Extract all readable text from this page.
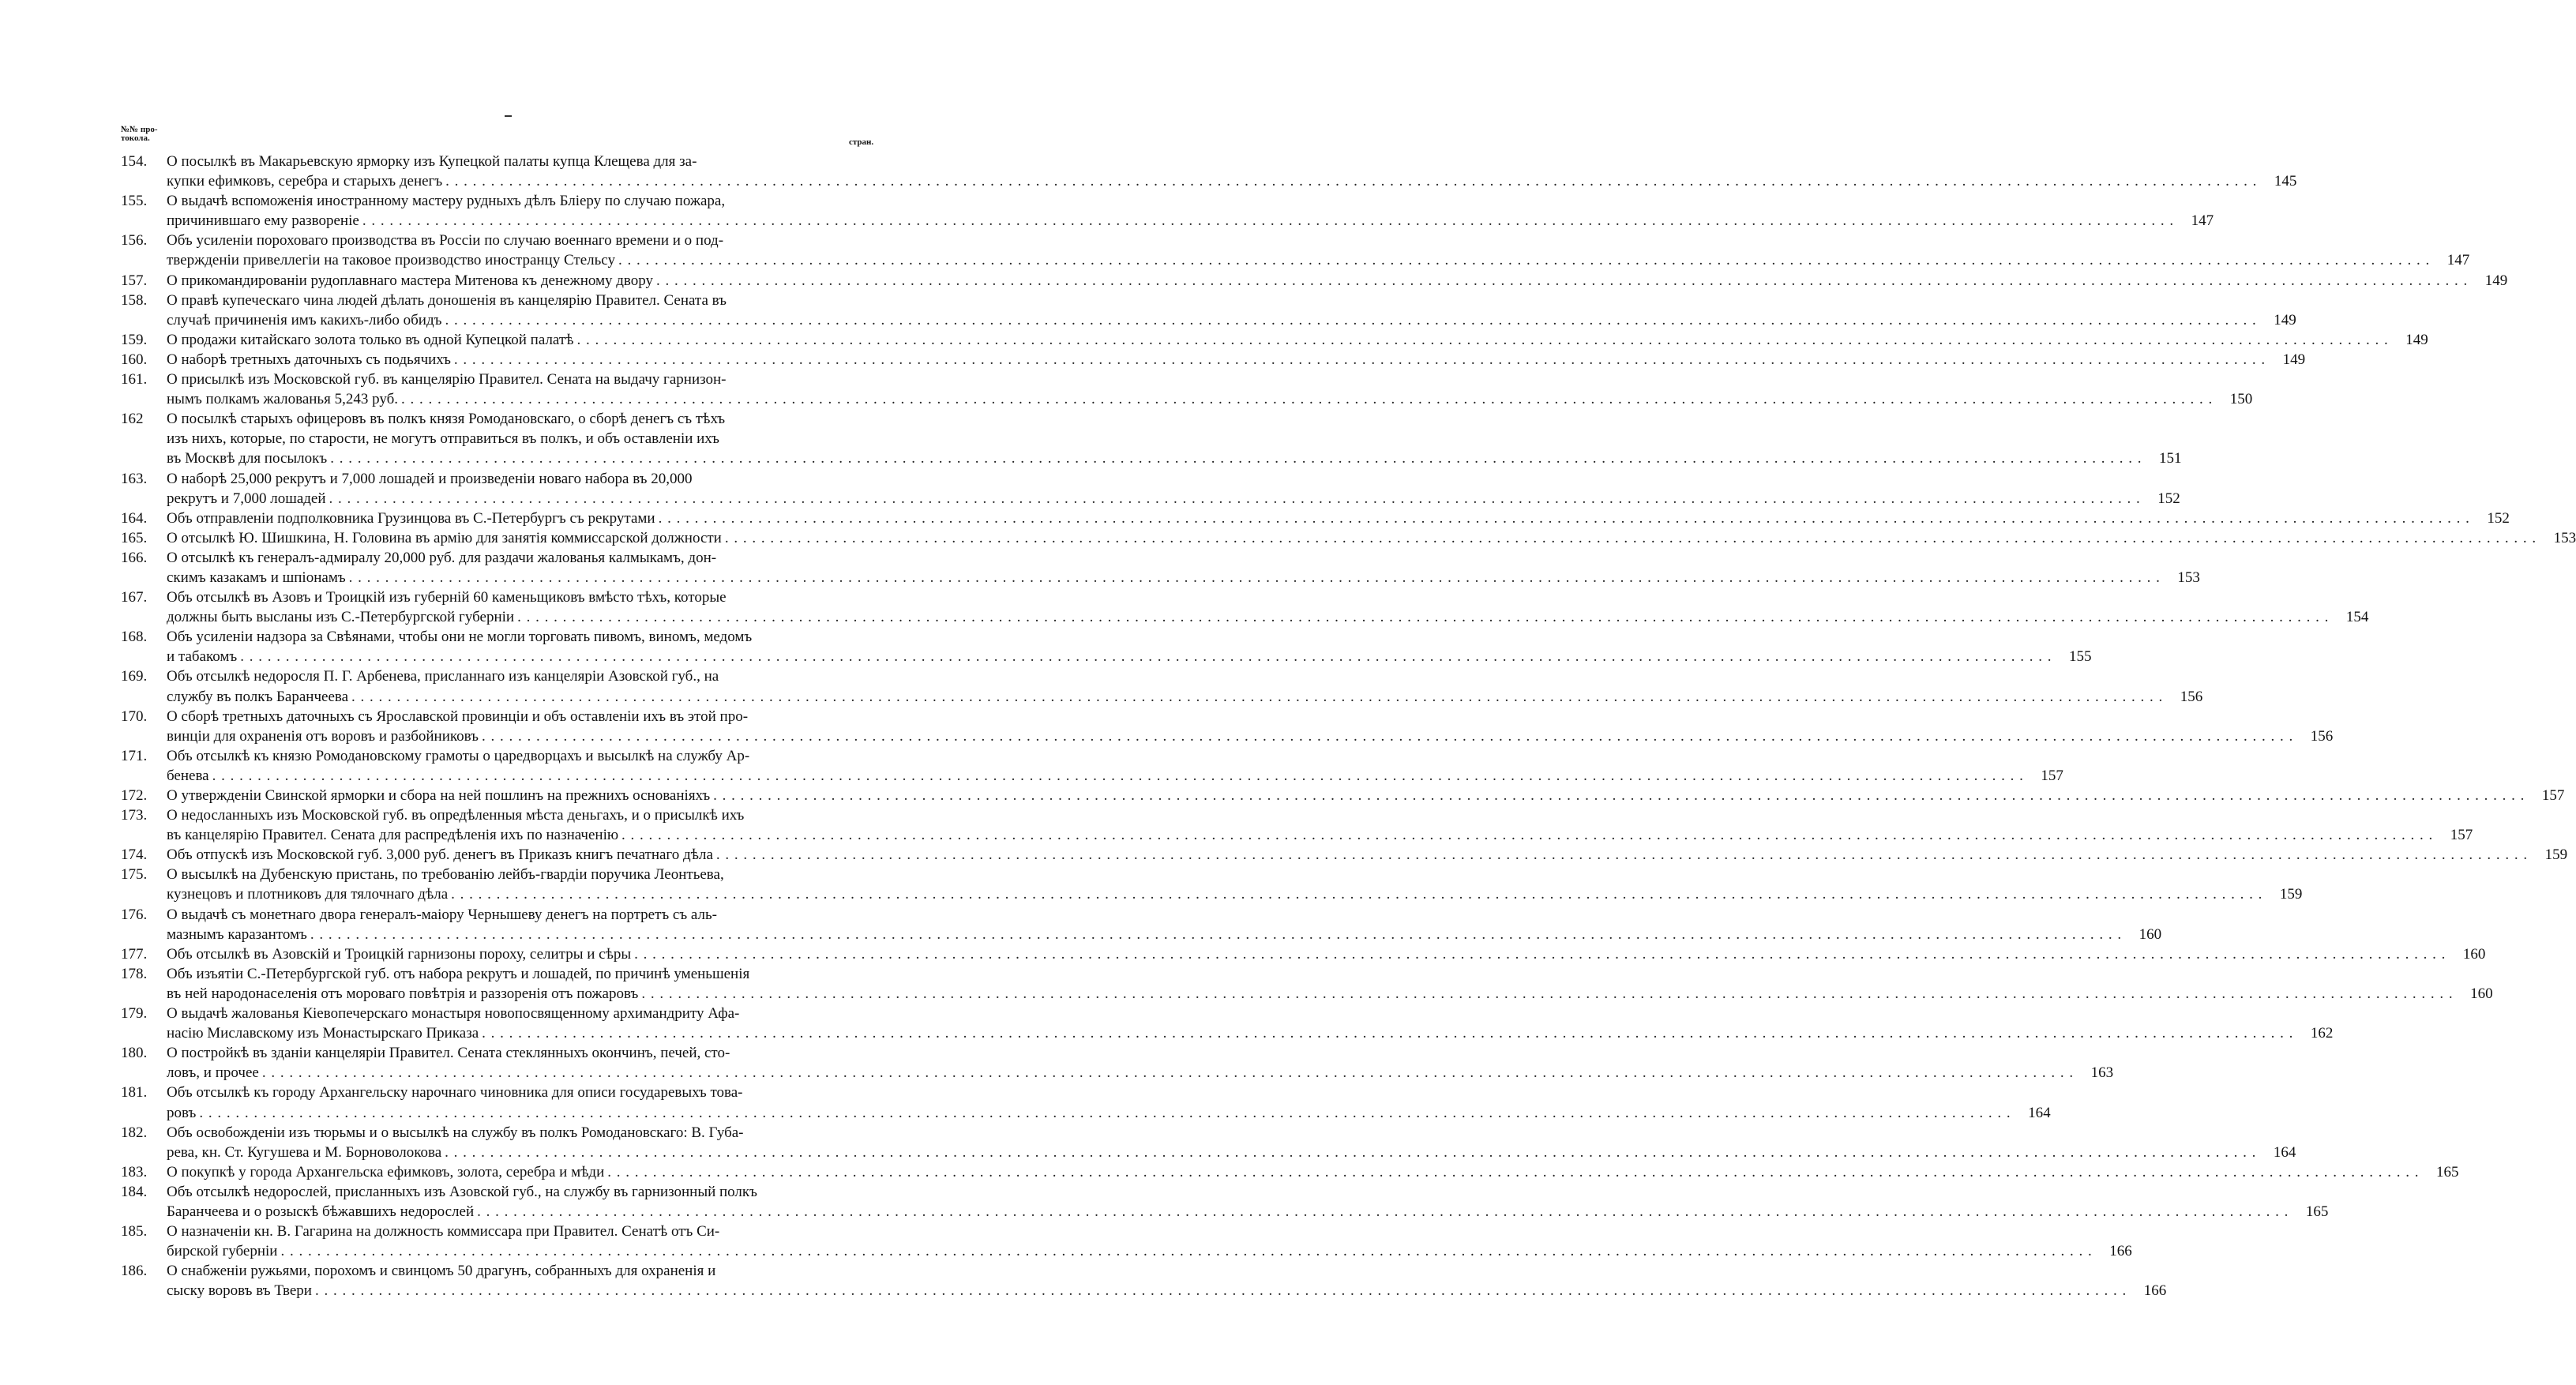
№№ про-
токола.	стран.
154.	О посылкѣ въ Макарьевскую ярморку изъ Купецкой палаты купца Клещева для за-
купки ефимковъ, серебра и старыхъ денегъ . . . . . . . . . . . . . . . . . . . . . . . . . . . . . . . . . . . . . . . . . . . . . . . . . . . . . . . . . . . . . . . . . . . . . . . . . . . . . . . . . . . . . . . . . . . . . . . . . . . . . . . . . . . . . . . . . . . . . . . . . . . . . . . . . . . . . . . . . . . . . . . . . . . . . . . . . . . . . . . . . . . . . . . . . . . . . . . . . . . . . . . . . . . . . . . . . . . . . . . .	145
155.	О выдачѣ вспоможенія иностранному мастеру рудныхъ дѣлъ Бліеру по случаю пожара,
причинившаго ему развореніе . . . . . . . . . . . . . . . . . . . . . . . . . . . . . . . . . . . . . . . . . . . . . . . . . . . . . . . . . . . . . . . . . . . . . . . . . . . . . . . . . . . . . . . . . . . . . . . . . . . . . . . . . . . . . . . . . . . . . . . . . . . . . . . . . . . . . . . . . . . . . . . . . . . . . . . . . . . . . . . . . . . . . . . . . . . . . . . . . . . . . . . . . . . . . . . . . . . . . . . .	147
156.	Объ усиленіи пороховаго производства въ Россіи по случаю военнаго времени и о под-
твержденіи привеллегіи на таковое производство иностранцу Стельсу . . . . . . . . . . . . . . . . . . . . . . . . . . . . . . . . . . . . . . . . . . . . . . . . . . . . . . . . . . . . . . . . . . . . . . . . . . . . . . . . . . . . . . . . . . . . . . . . . . . . . . . . . . . . . . . . . . . . . . . . . . . . . . . . . . . . . . . . . . . . . . . . . . . . . . . . . . . . . . . . . . . . . . . . . . . . . . . . . . . . . . . . . . . . . . . . . . . . . . . .	147
157.	О прикомандированіи рудоплавнаго мастера Митенова къ денежному двору . . . . . . . . . . . . . . . . . . . . . . . . . . . . . . . . . . . . . . . . . . . . . . . . . . . . . . . . . . . . . . . . . . . . . . . . . . . . . . . . . . . . . . . . . . . . . . . . . . . . . . . . . . . . . . . . . . . . . . . . . . . . . . . . . . . . . . . . . . . . . . . . . . . . . . . . . . . . . . . . . . . . . . . . . . . . . . . . . . . . . . . . . . . . . . . . . . . . . . . .	149
158.	О правѣ купеческаго чина людей дѣлать доношенія въ канцелярію Правител. Сената въ
случаѣ причиненія имъ какихъ-либо обидъ . . . . . . . . . . . . . . . . . . . . . . . . . . . . . . . . . . . . . . . . . . . . . . . . . . . . . . . . . . . . . . . . . . . . . . . . . . . . . . . . . . . . . . . . . . . . . . . . . . . . . . . . . . . . . . . . . . . . . . . . . . . . . . . . . . . . . . . . . . . . . . . . . . . . . . . . . . . . . . . . . . . . . . . . . . . . . . . . . . . . . . . . . . . . . . . . . . . . . . . .	149
159.	О продажи китайскаго золота только въ одной Купецкой палатѣ . . . . . . . . . . . . . . . . . . . . . . . . . . . . . . . . . . . . . . . . . . . . . . . . . . . . . . . . . . . . . . . . . . . . . . . . . . . . . . . . . . . . . . . . . . . . . . . . . . . . . . . . . . . . . . . . . . . . . . . . . . . . . . . . . . . . . . . . . . . . . . . . . . . . . . . . . . . . . . . . . . . . . . . . . . . . . . . . . . . . . . . . . . . . . . . . . . . . . . . .	149
160.	О наборѣ третныхъ даточныхъ съ подьячихъ . . . . . . . . . . . . . . . . . . . . . . . . . . . . . . . . . . . . . . . . . . . . . . . . . . . . . . . . . . . . . . . . . . . . . . . . . . . . . . . . . . . . . . . . . . . . . . . . . . . . . . . . . . . . . . . . . . . . . . . . . . . . . . . . . . . . . . . . . . . . . . . . . . . . . . . . . . . . . . . . . . . . . . . . . . . . . . . . . . . . . . . . . . . . . . . . . . . . . . . .	149
161.	О присылкѣ изъ Московской губ. въ канцелярію Правител. Сената на выдачу гарнизон-
нымъ полкамъ жалованья 5,243 руб. . . . . . . . . . . . . . . . . . . . . . . . . . . . . . . . . . . . . . . . . . . . . . . . . . . . . . . . . . . . . . . . . . . . . . . . . . . . . . . . . . . . . . . . . . . . . . . . . . . . . . . . . . . . . . . . . . . . . . . . . . . . . . . . . . . . . . . . . . . . . . . . . . . . . . . . . . . . . . . . . . . . . . . . . . . . . . . . . . . . . . . . . . . . . . . . . . . . . . . . .	150
162	О посылкѣ старыхъ офицеровъ въ полкъ князя Ромодановскаго, о сборѣ денегъ съ тѣхъ
изъ нихъ, которые, по старости, не могутъ отправиться въ полкъ, и объ оставленіи ихъ
въ Москвѣ для посылокъ . . . . . . . . . . . . . . . . . . . . . . . . . . . . . . . . . . . . . . . . . . . . . . . . . . . . . . . . . . . . . . . . . . . . . . . . . . . . . . . . . . . . . . . . . . . . . . . . . . . . . . . . . . . . . . . . . . . . . . . . . . . . . . . . . . . . . . . . . . . . . . . . . . . . . . . . . . . . . . . . . . . . . . . . . . . . . . . . . . . . . . . . . . . . . . . . . . . . . . . .	151
163.	О наборѣ 25,000 рекрутъ и 7,000 лошадей и произведеніи новаго набора въ 20,000
рекрутъ и 7,000 лошадей . . . . . . . . . . . . . . . . . . . . . . . . . . . . . . . . . . . . . . . . . . . . . . . . . . . . . . . . . . . . . . . . . . . . . . . . . . . . . . . . . . . . . . . . . . . . . . . . . . . . . . . . . . . . . . . . . . . . . . . . . . . . . . . . . . . . . . . . . . . . . . . . . . . . . . . . . . . . . . . . . . . . . . . . . . . . . . . . . . . . . . . . . . . . . . . . . . . . . . . .	152
164.	Объ отправленіи подполковника Грузинцова въ С.-Петербургъ съ рекрутами . . . . . . . . . . . . . . . . . . . . . . . . . . . . . . . . . . . . . . . . . . . . . . . . . . . . . . . . . . . . . . . . . . . . . . . . . . . . . . . . . . . . . . . . . . . . . . . . . . . . . . . . . . . . . . . . . . . . . . . . . . . . . . . . . . . . . . . . . . . . . . . . . . . . . . . . . . . . . . . . . . . . . . . . . . . . . . . . . . . . . . . . . . . . . . . . . . . . . . . .	152
165.	О отсылкѣ Ю. Шишкина, Н. Головина въ армію для занятія коммиссарской должности . . . . . . . . . . . . . . . . . . . . . . . . . . . . . . . . . . . . . . . . . . . . . . . . . . . . . . . . . . . . . . . . . . . . . . . . . . . . . . . . . . . . . . . . . . . . . . . . . . . . . . . . . . . . . . . . . . . . . . . . . . . . . . . . . . . . . . . . . . . . . . . . . . . . . . . . . . . . . . . . . . . . . . . . . . . . . . . . . . . . . . . . . . . . . . . . . . . . . . . .	153
166.	О отсылкѣ къ генералъ-адмиралу 20,000 руб. для раздачи жалованья калмыкамъ, дон-
скимъ казакамъ и шпіонамъ . . . . . . . . . . . . . . . . . . . . . . . . . . . . . . . . . . . . . . . . . . . . . . . . . . . . . . . . . . . . . . . . . . . . . . . . . . . . . . . . . . . . . . . . . . . . . . . . . . . . . . . . . . . . . . . . . . . . . . . . . . . . . . . . . . . . . . . . . . . . . . . . . . . . . . . . . . . . . . . . . . . . . . . . . . . . . . . . . . . . . . . . . . . . . . . . . . . . . . . .	153
167.	Объ отсылкѣ въ Азовъ и Троицкій изъ губерній 60 каменьщиковъ вмѣсто тѣхъ, которые
должны быть высланы изъ С.-Петербургской губерніи . . . . . . . . . . . . . . . . . . . . . . . . . . . . . . . . . . . . . . . . . . . . . . . . . . . . . . . . . . . . . . . . . . . . . . . . . . . . . . . . . . . . . . . . . . . . . . . . . . . . . . . . . . . . . . . . . . . . . . . . . . . . . . . . . . . . . . . . . . . . . . . . . . . . . . . . . . . . . . . . . . . . . . . . . . . . . . . . . . . . . . . . . . . . . . . . . . . . . . . .	154
168.	Объ усиленіи надзора за Свѣянами, чтобы они не могли торговать пивомъ, виномъ, медомъ
и табакомъ . . . . . . . . . . . . . . . . . . . . . . . . . . . . . . . . . . . . . . . . . . . . . . . . . . . . . . . . . . . . . . . . . . . . . . . . . . . . . . . . . . . . . . . . . . . . . . . . . . . . . . . . . . . . . . . . . . . . . . . . . . . . . . . . . . . . . . . . . . . . . . . . . . . . . . . . . . . . . . . . . . . . . . . . . . . . . . . . . . . . . . . . . . . . . . . . . . . . . . . .	155
169.	Объ отсылкѣ недоросля П. Г. Арбенева, присланнаго изъ канцеляріи Азовской губ., на
службу въ полкъ Баранчеева . . . . . . . . . . . . . . . . . . . . . . . . . . . . . . . . . . . . . . . . . . . . . . . . . . . . . . . . . . . . . . . . . . . . . . . . . . . . . . . . . . . . . . . . . . . . . . . . . . . . . . . . . . . . . . . . . . . . . . . . . . . . . . . . . . . . . . . . . . . . . . . . . . . . . . . . . . . . . . . . . . . . . . . . . . . . . . . . . . . . . . . . . . . . . . . . . . . . . . . .	156
170.	О сборѣ третныхъ даточныхъ съ Ярославской провинціи и объ оставленіи ихъ въ этой про-
винціи для охраненія отъ воровъ и разбойниковъ . . . . . . . . . . . . . . . . . . . . . . . . . . . . . . . . . . . . . . . . . . . . . . . . . . . . . . . . . . . . . . . . . . . . . . . . . . . . . . . . . . . . . . . . . . . . . . . . . . . . . . . . . . . . . . . . . . . . . . . . . . . . . . . . . . . . . . . . . . . . . . . . . . . . . . . . . . . . . . . . . . . . . . . . . . . . . . . . . . . . . . . . . . . . . . . . . . . . . . . .	156
171.	Объ отсылкѣ къ князю Ромодановскому грамоты о царедворцахъ и высылкѣ на службу Ар-
бенева . . . . . . . . . . . . . . . . . . . . . . . . . . . . . . . . . . . . . . . . . . . . . . . . . . . . . . . . . . . . . . . . . . . . . . . . . . . . . . . . . . . . . . . . . . . . . . . . . . . . . . . . . . . . . . . . . . . . . . . . . . . . . . . . . . . . . . . . . . . . . . . . . . . . . . . . . . . . . . . . . . . . . . . . . . . . . . . . . . . . . . . . . . . . . . . . . . . . . . . .	157
172.	О утвержденіи Свинской ярморки и сбора на ней пошлинъ на прежнихъ основаніяхъ . . . . . . . . . . . . . . . . . . . . . . . . . . . . . . . . . . . . . . . . . . . . . . . . . . . . . . . . . . . . . . . . . . . . . . . . . . . . . . . . . . . . . . . . . . . . . . . . . . . . . . . . . . . . . . . . . . . . . . . . . . . . . . . . . . . . . . . . . . . . . . . . . . . . . . . . . . . . . . . . . . . . . . . . . . . . . . . . . . . . . . . . . . . . . . . . . . . . . . . .	157
173.	О недосланныхъ изъ Московской губ. въ опредѣленныя мѣста деньгахъ, и о присылкѣ ихъ
въ канцелярію Правител. Сената для распредѣленія ихъ по назначенію . . . . . . . . . . . . . . . . . . . . . . . . . . . . . . . . . . . . . . . . . . . . . . . . . . . . . . . . . . . . . . . . . . . . . . . . . . . . . . . . . . . . . . . . . . . . . . . . . . . . . . . . . . . . . . . . . . . . . . . . . . . . . . . . . . . . . . . . . . . . . . . . . . . . . . . . . . . . . . . . . . . . . . . . . . . . . . . . . . . . . . . . . . . . . . . . . . . . . . . .	157
174.	Объ отпускѣ изъ Московской губ. 3,000 руб. денегъ въ Приказъ книгъ печатнаго дѣла . . . . . . . . . . . . . . . . . . . . . . . . . . . . . . . . . . . . . . . . . . . . . . . . . . . . . . . . . . . . . . . . . . . . . . . . . . . . . . . . . . . . . . . . . . . . . . . . . . . . . . . . . . . . . . . . . . . . . . . . . . . . . . . . . . . . . . . . . . . . . . . . . . . . . . . . . . . . . . . . . . . . . . . . . . . . . . . . . . . . . . . . . . . . . . . . . . . . . . . .	159
175.	О высылкѣ на Дубенскую пристань, по требованію лейбъ-гвардіи поручика Леонтьева,
кузнецовъ и плотниковъ для тялочнаго дѣла . . . . . . . . . . . . . . . . . . . . . . . . . . . . . . . . . . . . . . . . . . . . . . . . . . . . . . . . . . . . . . . . . . . . . . . . . . . . . . . . . . . . . . . . . . . . . . . . . . . . . . . . . . . . . . . . . . . . . . . . . . . . . . . . . . . . . . . . . . . . . . . . . . . . . . . . . . . . . . . . . . . . . . . . . . . . . . . . . . . . . . . . . . . . . . . . . . . . . . . .	159
176.	О выдачѣ съ монетнаго двора генералъ-маіору Чернышеву денегъ на портретъ съ аль-
мазнымъ каразантомъ . . . . . . . . . . . . . . . . . . . . . . . . . . . . . . . . . . . . . . . . . . . . . . . . . . . . . . . . . . . . . . . . . . . . . . . . . . . . . . . . . . . . . . . . . . . . . . . . . . . . . . . . . . . . . . . . . . . . . . . . . . . . . . . . . . . . . . . . . . . . . . . . . . . . . . . . . . . . . . . . . . . . . . . . . . . . . . . . . . . . . . . . . . . . . . . . . . . . . . . .	160
177.	Объ отсылкѣ въ Азовскій и Троицкій гарнизоны пороху, селитры и сѣры . . . . . . . . . . . . . . . . . . . . . . . . . . . . . . . . . . . . . . . . . . . . . . . . . . . . . . . . . . . . . . . . . . . . . . . . . . . . . . . . . . . . . . . . . . . . . . . . . . . . . . . . . . . . . . . . . . . . . . . . . . . . . . . . . . . . . . . . . . . . . . . . . . . . . . . . . . . . . . . . . . . . . . . . . . . . . . . . . . . . . . . . . . . . . . . . . . . . . . . .	160
178.	Объ изъятіи С.-Петербургской губ. отъ набора рекрутъ и лошадей, по причинѣ уменьшенія
въ ней народонаселенія отъ моровaго повѣтрія и раззоренія отъ пожаровъ . . . . . . . . . . . . . . . . . . . . . . . . . . . . . . . . . . . . . . . . . . . . . . . . . . . . . . . . . . . . . . . . . . . . . . . . . . . . . . . . . . . . . . . . . . . . . . . . . . . . . . . . . . . . . . . . . . . . . . . . . . . . . . . . . . . . . . . . . . . . . . . . . . . . . . . . . . . . . . . . . . . . . . . . . . . . . . . . . . . . . . . . . . . . . . . . . . . . . . . .	160
179.	О выдачѣ жалованья Кіевопечерскаго монастыря новопосвященному архимандриту Афа-
насію Миславскому изъ Монастырскаго Приказа . . . . . . . . . . . . . . . . . . . . . . . . . . . . . . . . . . . . . . . . . . . . . . . . . . . . . . . . . . . . . . . . . . . . . . . . . . . . . . . . . . . . . . . . . . . . . . . . . . . . . . . . . . . . . . . . . . . . . . . . . . . . . . . . . . . . . . . . . . . . . . . . . . . . . . . . . . . . . . . . . . . . . . . . . . . . . . . . . . . . . . . . . . . . . . . . . . . . . . . .	162
180.	О постройкѣ въ зданіи канцеляріи Правител. Сената стеклянныхъ окончинъ, печей, сто-
ловъ, и прочее . . . . . . . . . . . . . . . . . . . . . . . . . . . . . . . . . . . . . . . . . . . . . . . . . . . . . . . . . . . . . . . . . . . . . . . . . . . . . . . . . . . . . . . . . . . . . . . . . . . . . . . . . . . . . . . . . . . . . . . . . . . . . . . . . . . . . . . . . . . . . . . . . . . . . . . . . . . . . . . . . . . . . . . . . . . . . . . . . . . . . . . . . . . . . . . . . . . . . . . .	163
181.	Объ отсылкѣ къ городу Архангельску нарочнаго чиновника для описи государевыхъ това-
ровъ . . . . . . . . . . . . . . . . . . . . . . . . . . . . . . . . . . . . . . . . . . . . . . . . . . . . . . . . . . . . . . . . . . . . . . . . . . . . . . . . . . . . . . . . . . . . . . . . . . . . . . . . . . . . . . . . . . . . . . . . . . . . . . . . . . . . . . . . . . . . . . . . . . . . . . . . . . . . . . . . . . . . . . . . . . . . . . . . . . . . . . . . . . . . . . . . . . . . . . . .	164
182.	Объ освобожденіи изъ тюрьмы и о высылкѣ на службу въ полкъ Ромодановскаго: В. Губа-
рева, кн. Ст. Кугушева и М. Борноволокова . . . . . . . . . . . . . . . . . . . . . . . . . . . . . . . . . . . . . . . . . . . . . . . . . . . . . . . . . . . . . . . . . . . . . . . . . . . . . . . . . . . . . . . . . . . . . . . . . . . . . . . . . . . . . . . . . . . . . . . . . . . . . . . . . . . . . . . . . . . . . . . . . . . . . . . . . . . . . . . . . . . . . . . . . . . . . . . . . . . . . . . . . . . . . . . . . . . . . . . .	164
183.	О покупкѣ у города Архангельска ефимковъ, золота, серебра и мѣди . . . . . . . . . . . . . . . . . . . . . . . . . . . . . . . . . . . . . . . . . . . . . . . . . . . . . . . . . . . . . . . . . . . . . . . . . . . . . . . . . . . . . . . . . . . . . . . . . . . . . . . . . . . . . . . . . . . . . . . . . . . . . . . . . . . . . . . . . . . . . . . . . . . . . . . . . . . . . . . . . . . . . . . . . . . . . . . . . . . . . . . . . . . . . . . . . . . . . . . .	165
184.	Объ отсылкѣ недорослей, присланныхъ изъ Азовской губ., на службу въ гарнизонный полкъ
Баранчеева и о розыскѣ бѣжавшихъ недорослей . . . . . . . . . . . . . . . . . . . . . . . . . . . . . . . . . . . . . . . . . . . . . . . . . . . . . . . . . . . . . . . . . . . . . . . . . . . . . . . . . . . . . . . . . . . . . . . . . . . . . . . . . . . . . . . . . . . . . . . . . . . . . . . . . . . . . . . . . . . . . . . . . . . . . . . . . . . . . . . . . . . . . . . . . . . . . . . . . . . . . . . . . . . . . . . . . . . . . . . .	165
185.	О назначеніи кн. В. Гагарина на должность коммиссара при Правител. Сенатѣ отъ Си-
бирской губерніи . . . . . . . . . . . . . . . . . . . . . . . . . . . . . . . . . . . . . . . . . . . . . . . . . . . . . . . . . . . . . . . . . . . . . . . . . . . . . . . . . . . . . . . . . . . . . . . . . . . . . . . . . . . . . . . . . . . . . . . . . . . . . . . . . . . . . . . . . . . . . . . . . . . . . . . . . . . . . . . . . . . . . . . . . . . . . . . . . . . . . . . . . . . . . . . . . . . . . . . .	166
186.	О снабженіи ружьями, порохомъ и свинцомъ 50 драгунъ, собранныхъ для охраненія и
сыску воровъ въ Твери . . . . . . . . . . . . . . . . . . . . . . . . . . . . . . . . . . . . . . . . . . . . . . . . . . . . . . . . . . . . . . . . . . . . . . . . . . . . . . . . . . . . . . . . . . . . . . . . . . . . . . . . . . . . . . . . . . . . . . . . . . . . . . . . . . . . . . . . . . . . . . . . . . . . . . . . . . . . . . . . . . . . . . . . . . . . . . . . . . . . . . . . . . . . . . . . . . . . . . . .	166
